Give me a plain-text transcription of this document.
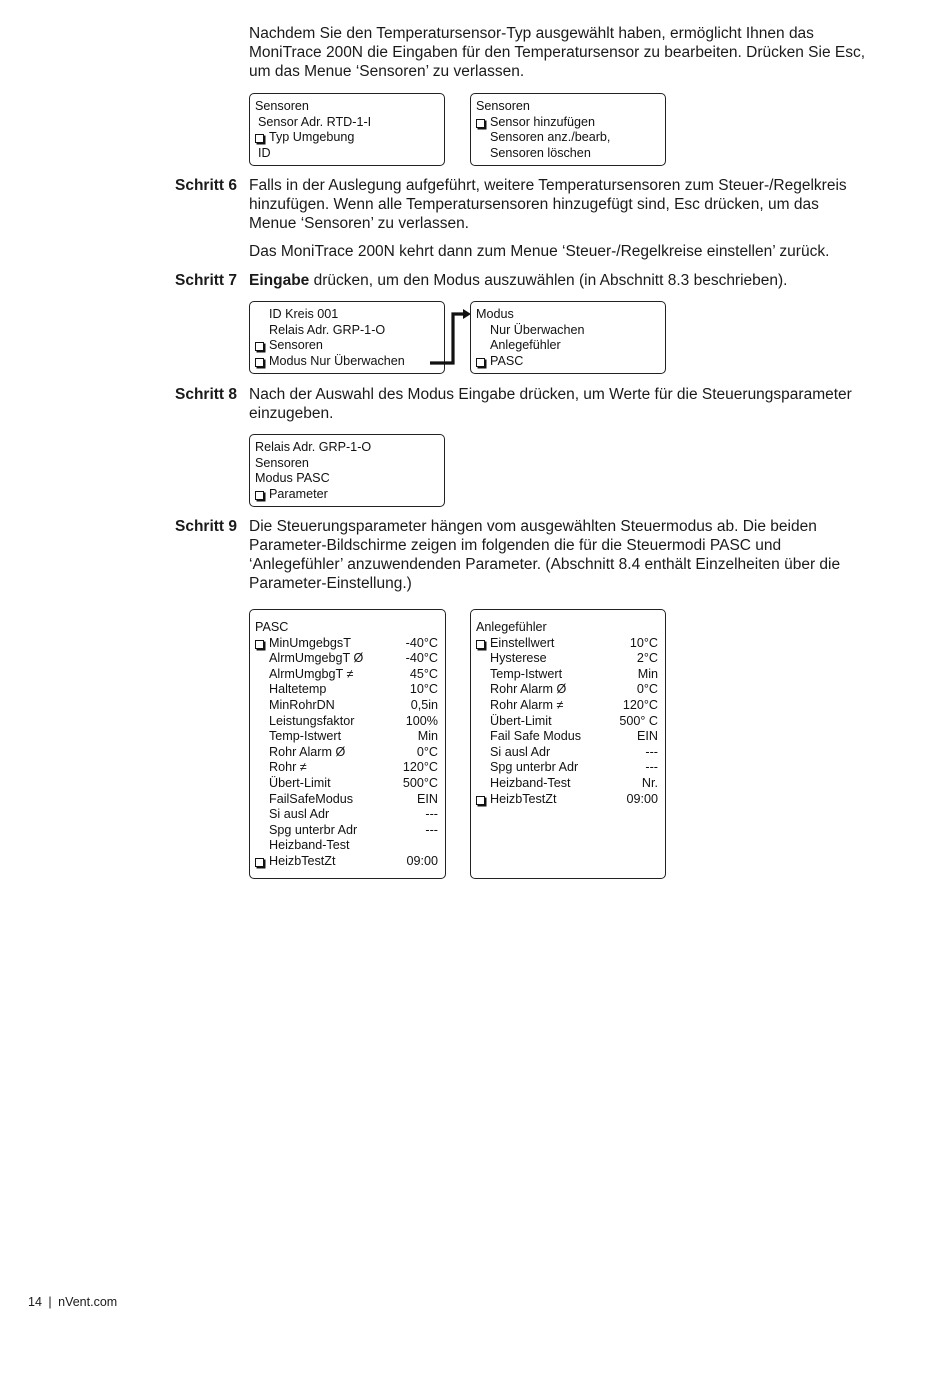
Nachdem Sie den Temperatursensor-Typ ausgewählt haben, ermöglicht Ihnen das MoniTrace 200N die Eingaben für den Temperatursensor zu bearbeiten. Drücken Sie Esc, um das Menue ‘Sensoren’ zu verlassen.

Sensoren
Sensor Adr. RTD-1-I
Typ Umgebung
ID
Sensoren
Sensor hinzufügen
Sensoren anz./bearb,
Sensoren löschen
Schritt 6 Falls in der Auslegung aufgeführt, weitere Temperatursensoren zum Steuer-/Regelkreis hinzufügen. Wenn alle Temperatursensoren hinzugefügt sind, Esc drücken, um das Menue ‘Sensoren’ zu verlassen.

Das MoniTrace 200N kehrt dann zum Menue ‘Steuer-/Regelkreise einstellen’ zurück.

Schritt 7 Eingabe drücken, um den Modus auszuwählen (in Abschnitt 8.3 beschrieben).

ID Kreis 001
Relais Adr. GRP-1-O
Sensoren
Modus Nur Überwachen
Modus
Nur Überwachen
Anlegefühler
PASC
Schritt 8 Nach der Auswahl des Modus Eingabe drücken, um Werte für die Steuerungsparameter einzugeben.

Relais Adr. GRP-1-O
Sensoren
Modus PASC
Parameter
Schritt 9 Die Steuerungsparameter hängen vom ausgewählten Steuermodus ab. Die beiden Parameter-Bildschirme zeigen im folgenden die für die Steuermodi PASC und ‘Anlegefühler’ anzuwendenden Parameter. (Abschnitt 8.4 enthält Einzelheiten über die Parameter-Einstellung.)

PASC
MinUmgebgsT	-40°C
AlrmUmgebgT Ø	-40°C
AlrmUmgbgT ≠	45°C
Haltetemp	10°C
MinRohrDN	0,5in
Leistungsfaktor	100%
Temp-Istwert	Min
Rohr Alarm Ø	0°C
Rohr ≠	120°C
Übert-Limit	500°C
FailSafeModus	EIN
Si ausl Adr	---
Spg unterbr Adr	---
Heizband-Test
HeizbTestZt	09:00
Anlegefühler
Einstellwert	10°C
Hysterese	2°C
Temp-Istwert	Min
Rohr Alarm Ø	0°C
Rohr Alarm ≠	120°C
Übert-Limit	500° C
Fail Safe Modus	EIN
Si ausl Adr	---
Spg unterbr Adr	---
Heizband-Test	Nr.
HeizbTestZt	09:00
14 | nVent.com
